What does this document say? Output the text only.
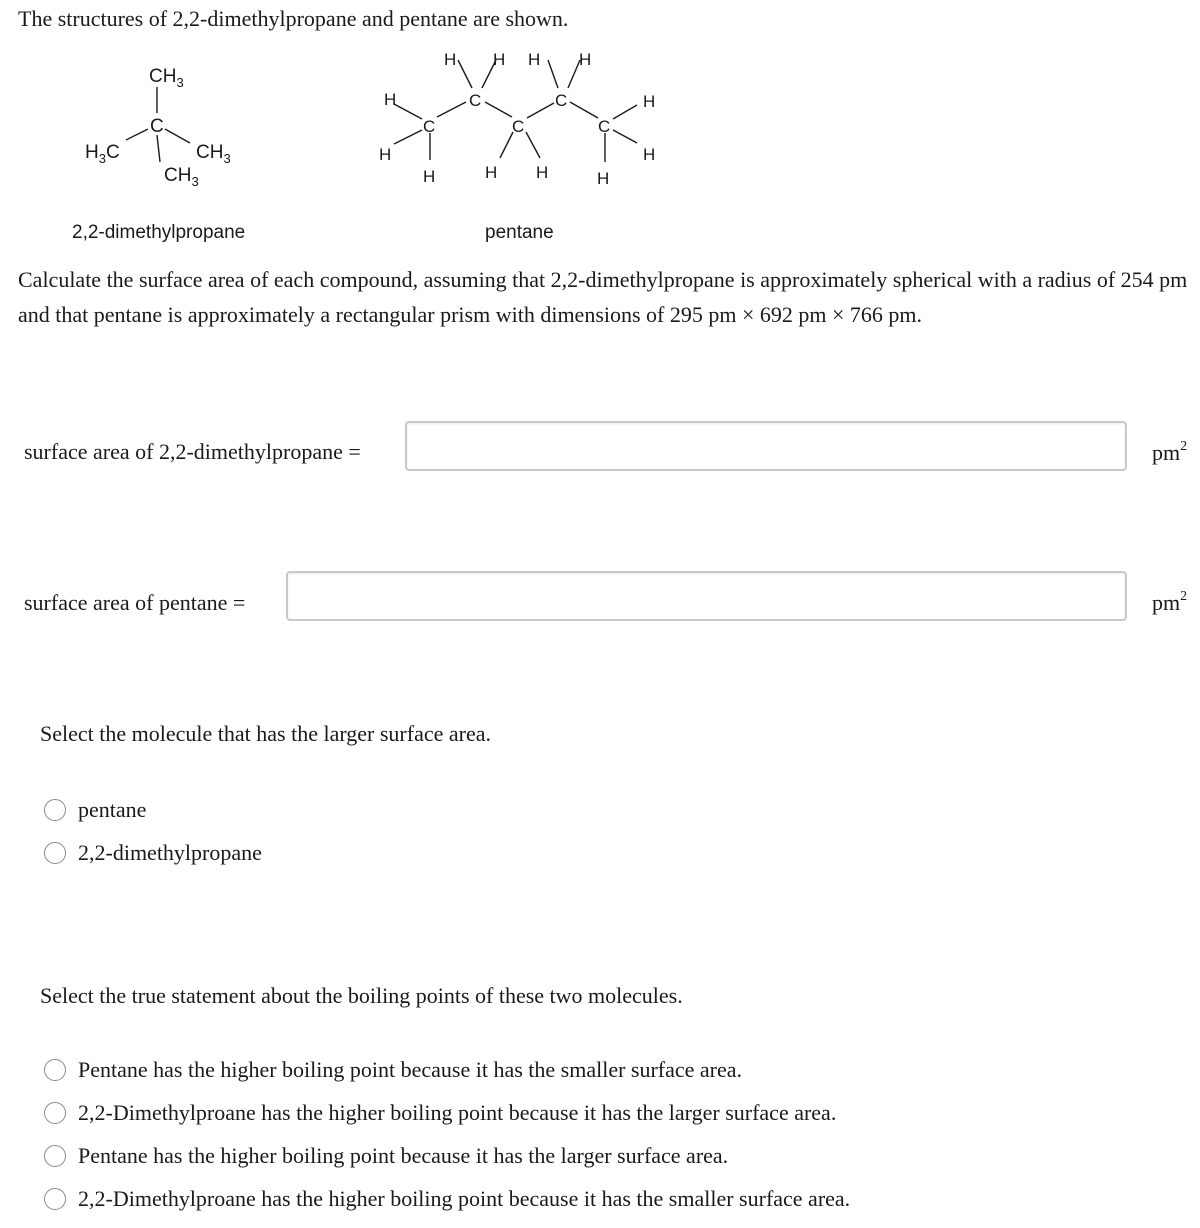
The structures of 2,2-dimethylpropane and pentane are shown.
$CH_3$
C
$H_3C$	$CH_3$
$CH_3$
H H H H
H	C	C	H
C	C	C
H	H
H	H H	H
2,2-dimethylpropane	pentane
Calculate the surface area of each compound, assuming that 2,2-dimethylpropane is approximately spherical with a radius of 254 pm and that pentane is approximately a rectangular prism with dimensions of 295 pm × 692 pm × 766 pm.
surface area of 2,2-dimethylpropane =	$pm^2$
surface area of pentane =	$pm^2$
Select the molecule that has the larger surface area.
pentane
2,2-dimethylpropane
Select the true statement about the boiling points of these two molecules.
Pentane has the higher boiling point because it has the smaller surface area.
2,2-Dimethylproane has the higher boiling point because it has the larger surface area.
Pentane has the higher boiling point because it has the larger surface area.
2,2-Dimethylproane has the higher boiling point because it has the smaller surface area.
